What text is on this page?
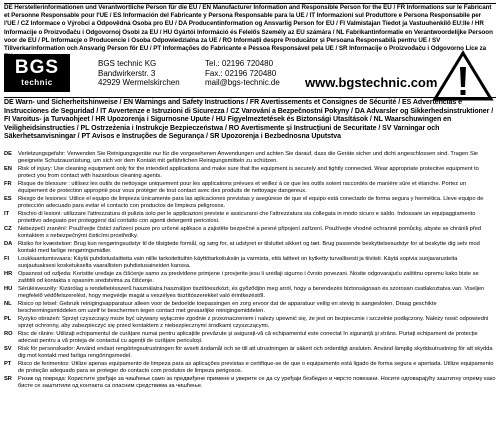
DE Herstellerinformationen und Verantwortliche Person für die EU / EN Manufacturer Information and Responsible Person for the EU / FR Informations sur le Fabricant et Personne Responsable pour l'UE / ES Información del Fabricante y Persona Responsable para la UE / IT Informazioni sul Produttore e Persona Responsabile per l'UE / CZ Informace o Výrobci a Odpovědná Osoba pro EU / DA Producentinformation og Ansvarlig Person for EU / FI Valmistajan Tiedot ja Vastuuhenkilö EU:lle / HR Informacije o Proizvođaču i Odgovornoj Osobi za EU / HU Gyártói Információ és Felelős Személy az EU számára / NL Fabrikantinformatie en Verantwoordelijke Persoon voor de EU / PL Informacje o Producencie i Osoba Odpowiedzialna za UE / RO Informații despre Producător și Persoana Responsabilă pentru UE / SV Tillverkarinformation och Ansvarig Person för EU / PT Informações do Fabricante e Pessoa Responsável pela UE / SR Informacije o Proizvođaču i Odgovorno Lice za
BGS
technic
BGS technic KG
Bandwirkerstr. 3
42929 Wermelskirchen
Tel.: 02196 720480
Fax.: 02196 720480
mail@bgs-technic.de www.bgstechnic.com
DE Warn- und Sicherheitshinweise / EN Warnings and Safety Instructions / FR Avertissements et Consignes de Sécurité / ES Advertencias e Instrucciones de Seguridad / IT Avvertenze e Istruzioni di Sicurezza / CZ Varování a Bezpečnostní Pokyny / DA Advarsler og Sikkerhedsinstruktioner / FI Varoitus- ja Turvaohjeet / HR Upozorenja i Sigurnosne Upute / HU Figyelmeztetések és Biztonsági Utasítások / NL Waarschuwingen en Veiligheidsinstructies / PL Ostrzeżenia i Instrukcje Bezpieczeństwa / RO Avertismente și Instrucțiuni de Securitate / SV Varningar och Säkerhetsanvisningar / PT Avisos e Instruções de Segurança / SR Upozorenja i Bezbednosna Uputstva
DE	Verletzungsgefahr: Verwenden Sie Reinigungsgeräte nur für die vorgesehenen Anwendungen und achten Sie darauf, dass die Geräte sicher und dicht angeschlossen sind. Tragen Sie geeignete Schutzausrüstung, um sich vor dem Kontakt mit gefährlichen Reinigungsmitteln zu schützen.
EN	Risk of injury: Use cleaning equipment only for the intended applications and make sure that the equipment is securely and tightly connected. Wear appropriate protective equipment to protect you from contact with hazardous cleaning agents.
FR	Risque de blessure : utilisez les outils de nettoyage uniquement pour les applications prévues et veillez à ce que les outils soient raccordés de manière sûre et étanche. Portez un équipement de protection approprié pour vous protéger de tout contact avec des produits de nettoyage dangereux.
ES	Riesgo de lesiones: Utilice el equipo de limpieza únicamente para las aplicaciones previstas y asegúrese de que el equipo está conectado de forma segura y hermética. Lleve equipo de protección adecuado para evitar el contacto con productos de limpieza peligrosos.
IT	Rischio di lesioni: utilizzare l'attrezzatura di pulizia solo per le applicazioni previste e assicurarsi che l'attrezzatura sia collegata in modo sicuro e saldo. Indossare un equipaggiamento protettivo adeguato per proteggersi dal contatto con agenti detergenti pericolosi.
CZ	Nebezpečí zranění: Používejte čisticí zařízení pouze pro určené aplikace a zajistěte bezpečné a pevné připojení zařízení. Používejte vhodné ochranné pomůcky, abyste se chránili před kontaktem s nebezpečnými čisticími prostředky.
DA	Risiko for kvæstelser: Brug kun rengøringsudstyr til de tilsigtede formål, og sørg for, at udstyret er tilsluttet sikkert og tæt. Brug passende beskyttelsesudstyr for at beskytte dig selv mod kontakt med farlige rengøringsmidler.
FI	Loukkaantumisvaara: Käytä puhdistuslaitteita vain niille tarkoitettuihin käyttötarkoituksiin ja varmista, että laitteet on kytketty turvallisesti ja tiiviisti. Käytä sopivia suojavarusteita suojautuaksesi kosketukselta vaarallisten puhdistusaineiden kanssa.
HR	Opasnost od ozljeda: Koristite uređaje za čišćenje samo za predviđene primjene i provjerite jesu li uređaji sigurno i čvrsto povezani. Nosite odgovarajuću zaštitnu opremu kako biste se zaštitili od kontakta s opasnim sredstvima za čišćenje.
HU	Sérülésveszély: Kizárólag a rendeltetésszerű használatra használjon tisztítóeszközt, és győződjön meg arról, hogy a berendezés biztonságosan és szorosan csatlakoztatva van. Viseljen megfelelő védőfelszerelést, hogy megvédje magát a veszélyes tisztítószerekkel való érintkezéstől.
NL	Risico op letsel: Gebruik reinigingsapparatuur alleen voor de bedoelde toepassingen en zorg ervoor dat de apparatuur veilig en stevig is aangesloten. Draag geschikte beschermingsmiddelen om uzelf te beschermen tegen contact met gevaarlijke reinigingsmiddelen.
PL	Ryzyko obrażeń: Sprzęt czyszczący może być używany wyłącznie zgodnie z przeznaczeniem i należy upewnić się, że jest on bezpiecznie i szczelnie podłączony. Należy nosić odpowiedni sprzęt ochronny, aby zabezpieczyć się przed kontaktem z niebezpiecznymi środkami czyszczącymi.
RO Risc de rănire: Utilizați echipamentul de curățare numai pentru aplicațiile prevăzute și asigurați-vă că echipamentul este conectat în siguranță și strâns. Purtați echipament de protecție adecvat pentru a vă proteja de contactul cu agenții de curățare periculoși.
SV	Risk för personskador: Använd endast rengöringsutrustningen för avsett ändamål och se till att utrustningen är säkert och ordentligt ansluten. Använd lämplig skyddsutrustning för att skydda dig mot kontakt med farliga rengöringsmedel.
PT	Risco de ferimentos: Utilize apenas equipamento de limpeza para as aplicações previstas e certifique-se de que o equipamento está ligado de forma segura e apertada. Utilize equipamento de proteção adequado para se proteger do contacto com produtos de limpeza perigosos.
SR	Ризик од повреда: Користите уређаје за чишћење само за предвиђене примене и уверите се да су уређаји безбедно и чврсто повезани. Носите одговарајућу заштитну опрему како бисте се заштитили од контакта са опасним средствима за чишћење.
